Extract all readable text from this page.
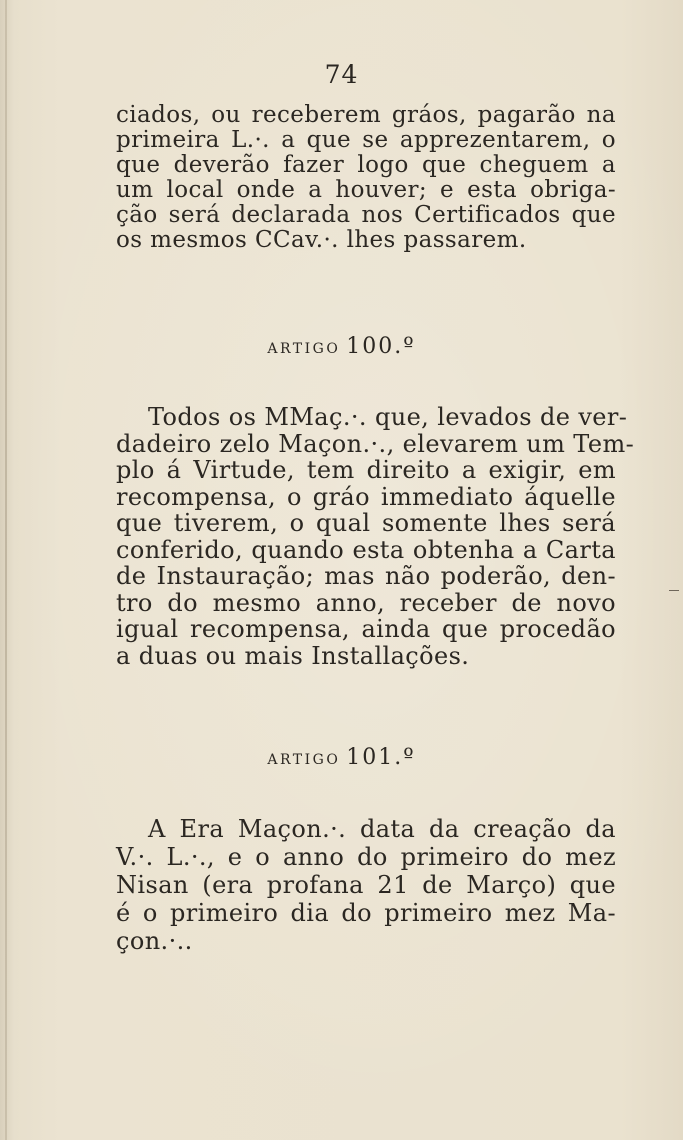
74
ciados, ou receberem gráos, pagarão na
primeira L.·. a que se apprezentarem, o
que deverão fazer logo que cheguem a
um local onde a houver; e esta obriga-
ção será declarada nos Certificados que
os mesmos CCav.·. lhes passarem.
ARTIGO 100.º
Todos os MMaç.·. que, levados de ver-
dadeiro zelo Maçon.·., elevarem um Tem-
plo á Virtude, tem direito a exigir, em
recompensa, o gráo immediato áquelle
que tiverem, o qual somente lhes será
conferido, quando esta obtenha a Carta
de Instauração; mas não poderão, den-
tro do mesmo anno, receber de novo
igual recompensa, ainda que procedão
a duas ou mais Installações.
ARTIGO 101.º
A Era Maçon.·. data da creação da
V.·. L.·., e o anno do primeiro do mez
Nisan (era profana 21 de Março) que
é o primeiro dia do primeiro mez Ma-
çon.·..
